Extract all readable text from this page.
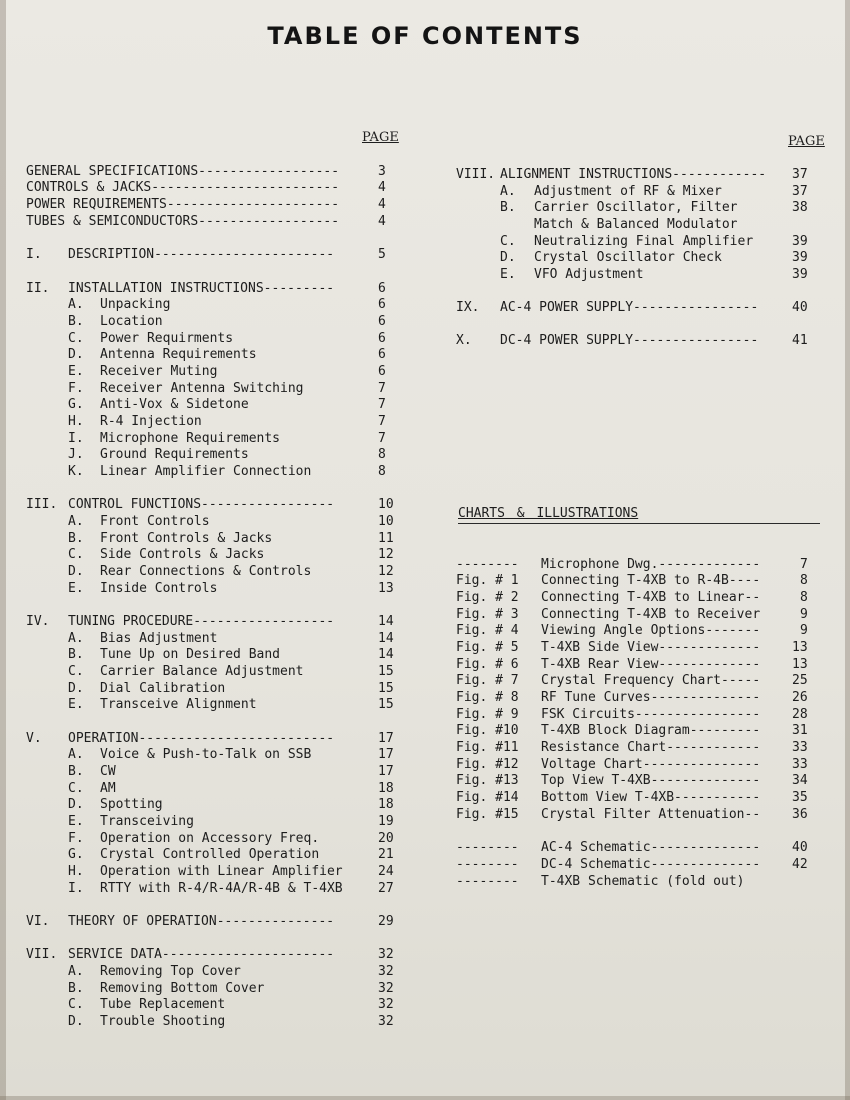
TABLE OF CONTENTS
PAGE	PAGE
GENERAL SPECIFICATIONS------------------	3
CONTROLS & JACKS------------------------	4
POWER REQUIREMENTS----------------------	4
TUBES & SEMICONDUCTORS------------------	4
I. DESCRIPTION-----------------------	5
II. INSTALLATION INSTRUCTIONS---------	6
A. Unpacking	6
B. Location	6
C. Power Requirments	6
D. Antenna Requirements	6
E. Receiver Muting	6
F. Receiver Antenna Switching	7
G. Anti-Vox & Sidetone	7
H. R-4 Injection	7
I. Microphone Requirements	7
J. Ground Requirements	8
K. Linear Amplifier Connection	8
III. CONTROL FUNCTIONS-----------------	10
A. Front Controls	10
B. Front Controls & Jacks	11
C. Side Controls & Jacks	12
D. Rear Connections & Controls	12
E. Inside Controls	13
IV. TUNING PROCEDURE------------------	14
A. Bias Adjustment	14
B. Tune Up on Desired Band	14
C. Carrier Balance Adjustment	15
D. Dial Calibration	15
E. Transceive Alignment	15
V. OPERATION-------------------------	17
A. Voice & Push-to-Talk on SSB	17
B. CW	17
C. AM	18
D. Spotting	18
E. Transceiving	19
F. Operation on Accessory Freq.	20
G. Crystal Controlled Operation	21
H. Operation with Linear Amplifier	24
I. RTTY with R-4/R-4A/R-4B & T-4XB	27
VI. THEORY OF OPERATION---------------	29
VII. SERVICE DATA----------------------	32
A. Removing Top Cover	32
B. Removing Bottom Cover	32
C. Tube Replacement	32
D. Trouble Shooting	32
VIII. ALIGNMENT INSTRUCTIONS------------ 37
A. Adjustment of RF & Mixer	37
B. Carrier Oscillator, Filter	38
Match & Balanced Modulator
C. Neutralizing Final Amplifier	39
D. Crystal Oscillator Check	39
E. VFO Adjustment	39
IX. AC-4 POWER SUPPLY----------------	40
X. DC-4 POWER SUPPLY----------------	41
CHARTS & ILLUSTRATIONS
-------- Microphone Dwg.-------------	7
Fig. # 1 Connecting T-4XB to R-4B----	8
Fig. # 2 Connecting T-4XB to Linear--	8
Fig. # 3 Connecting T-4XB to Receiver	9
Fig. # 4 Viewing Angle Options-------	9
Fig. # 5 T-4XB Side View------------- 13
Fig. # 6 T-4XB Rear View------------- 13
Fig. # 7 Crystal Frequency Chart----- 25
Fig. # 8 RF Tune Curves-------------- 26
Fig. # 9 FSK Circuits---------------- 28
Fig. #10 T-4XB Block Diagram--------- 31
Fig. #11 Resistance Chart------------ 33
Fig. #12 Voltage Chart--------------- 33
Fig. #13 Top View T-4XB-------------- 34
Fig. #14 Bottom View T-4XB----------- 35
Fig. #15 Crystal Filter Attenuation-- 36
-------- AC-4 Schematic-------------- 40
-------- DC-4 Schematic-------------- 42
-------- T-4XB Schematic (fold out)
